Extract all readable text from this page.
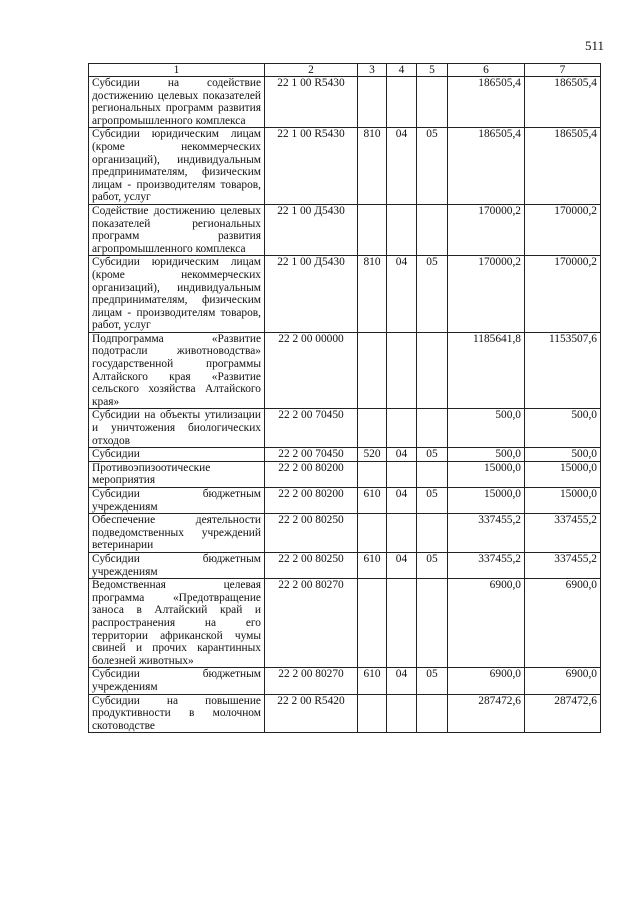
511
1	2	3	4	5	6	7
Субсидии на содействие достижению целевых показателей региональных программ развития агропромышленного комплекса	22 1 00 R5430				186505,4	186505,4
Субсидии юридическим лицам (кроме некоммерческих организаций), индивидуальным предпринимателям, физическим лицам - производителям товаров, работ, услуг	22 1 00 R5430	810	04	05	186505,4	186505,4
Содействие достижению целевых показателей региональных программ развития агропромышленного комплекса	22 1 00 Д5430				170000,2	170000,2
Субсидии юридическим лицам (кроме некоммерческих организаций), индивидуальным предпринимателям, физическим лицам - производителям товаров, работ, услуг	22 1 00 Д5430	810	04	05	170000,2	170000,2
Подпрограмма «Развитие подотрасли животноводства» государственной программы Алтайского края «Развитие сельского хозяйства Алтайского края»	22 2 00 00000				1185641,8	1153507,6
Субсидии на объекты утилизации и уничтожения биологических отходов	22 2 00 70450				500,0	500,0
Субсидии	22 2 00 70450	520	04	05	500,0	500,0
Противоэпизоотические мероприятия	22 2 00 80200				15000,0	15000,0
Субсидии бюджетным учреждениям	22 2 00 80200	610	04	05	15000,0	15000,0
Обеспечение деятельности подведомственных учреждений ветеринарии	22 2 00 80250				337455,2	337455,2
Субсидии бюджетным учреждениям	22 2 00 80250	610	04	05	337455,2	337455,2
Ведомственная целевая программа «Предотвращение заноса в Алтайский край и распространения на его территории африканской чумы свиней и прочих карантинных болезней животных»	22 2 00 80270				6900,0	6900,0
Субсидии бюджетным учреждениям	22 2 00 80270	610	04	05	6900,0	6900,0
Субсидии на повышение продуктивности в молочном скотоводстве	22 2 00 R5420				287472,6	287472,6
